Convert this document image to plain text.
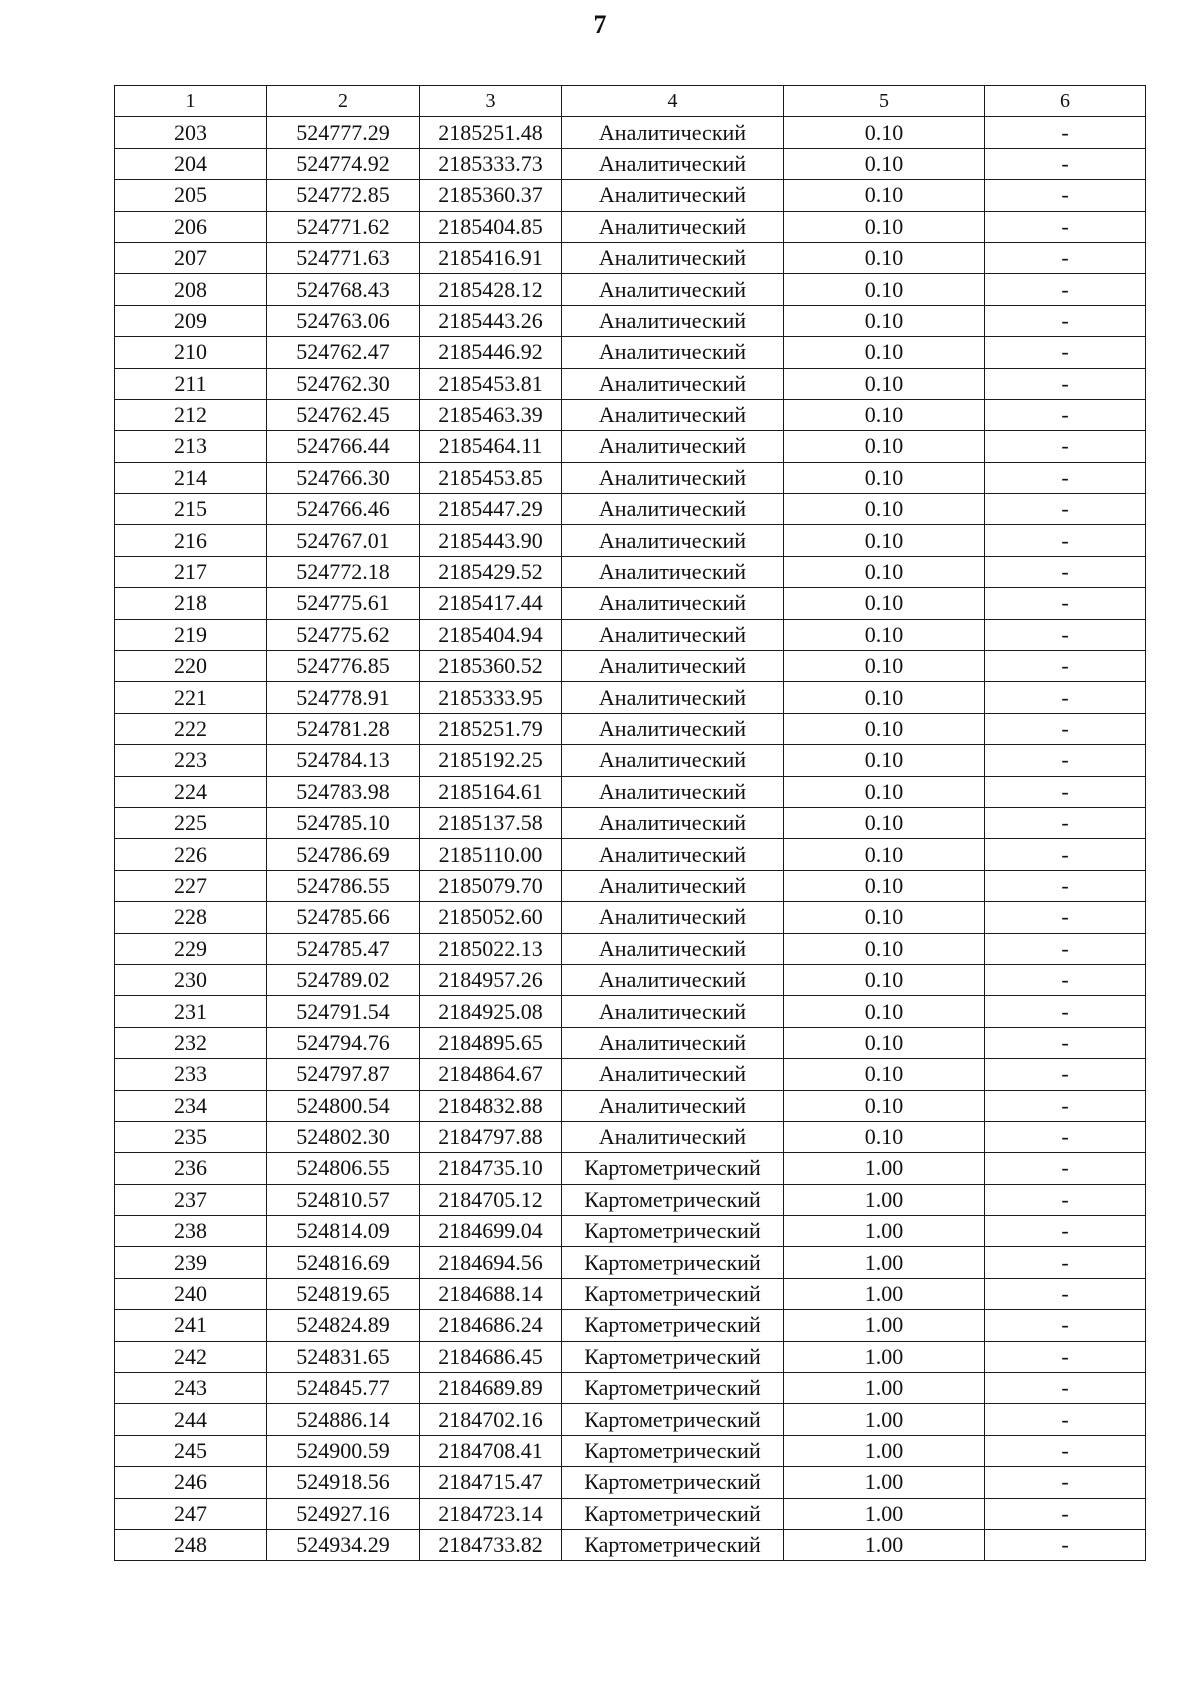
7
1	2	3	4	5	6
203	524777.29	2185251.48	Аналитический	0.10	-
204	524774.92	2185333.73	Аналитический	0.10	-
205	524772.85	2185360.37	Аналитический	0.10	-
206	524771.62	2185404.85	Аналитический	0.10	-
207	524771.63	2185416.91	Аналитический	0.10	-
208	524768.43	2185428.12	Аналитический	0.10	-
209	524763.06	2185443.26	Аналитический	0.10	-
210	524762.47	2185446.92	Аналитический	0.10	-
211	524762.30	2185453.81	Аналитический	0.10	-
212	524762.45	2185463.39	Аналитический	0.10	-
213	524766.44	2185464.11	Аналитический	0.10	-
214	524766.30	2185453.85	Аналитический	0.10	-
215	524766.46	2185447.29	Аналитический	0.10	-
216	524767.01	2185443.90	Аналитический	0.10	-
217	524772.18	2185429.52	Аналитический	0.10	-
218	524775.61	2185417.44	Аналитический	0.10	-
219	524775.62	2185404.94	Аналитический	0.10	-
220	524776.85	2185360.52	Аналитический	0.10	-
221	524778.91	2185333.95	Аналитический	0.10	-
222	524781.28	2185251.79	Аналитический	0.10	-
223	524784.13	2185192.25	Аналитический	0.10	-
224	524783.98	2185164.61	Аналитический	0.10	-
225	524785.10	2185137.58	Аналитический	0.10	-
226	524786.69	2185110.00	Аналитический	0.10	-
227	524786.55	2185079.70	Аналитический	0.10	-
228	524785.66	2185052.60	Аналитический	0.10	-
229	524785.47	2185022.13	Аналитический	0.10	-
230	524789.02	2184957.26	Аналитический	0.10	-
231	524791.54	2184925.08	Аналитический	0.10	-
232	524794.76	2184895.65	Аналитический	0.10	-
233	524797.87	2184864.67	Аналитический	0.10	-
234	524800.54	2184832.88	Аналитический	0.10	-
235	524802.30	2184797.88	Аналитический	0.10	-
236	524806.55	2184735.10	Картометрический	1.00	-
237	524810.57	2184705.12	Картометрический	1.00	-
238	524814.09	2184699.04	Картометрический	1.00	-
239	524816.69	2184694.56	Картометрический	1.00	-
240	524819.65	2184688.14	Картометрический	1.00	-
241	524824.89	2184686.24	Картометрический	1.00	-
242	524831.65	2184686.45	Картометрический	1.00	-
243	524845.77	2184689.89	Картометрический	1.00	-
244	524886.14	2184702.16	Картометрический	1.00	-
245	524900.59	2184708.41	Картометрический	1.00	-
246	524918.56	2184715.47	Картометрический	1.00	-
247	524927.16	2184723.14	Картометрический	1.00	-
248	524934.29	2184733.82	Картометрический	1.00	-
